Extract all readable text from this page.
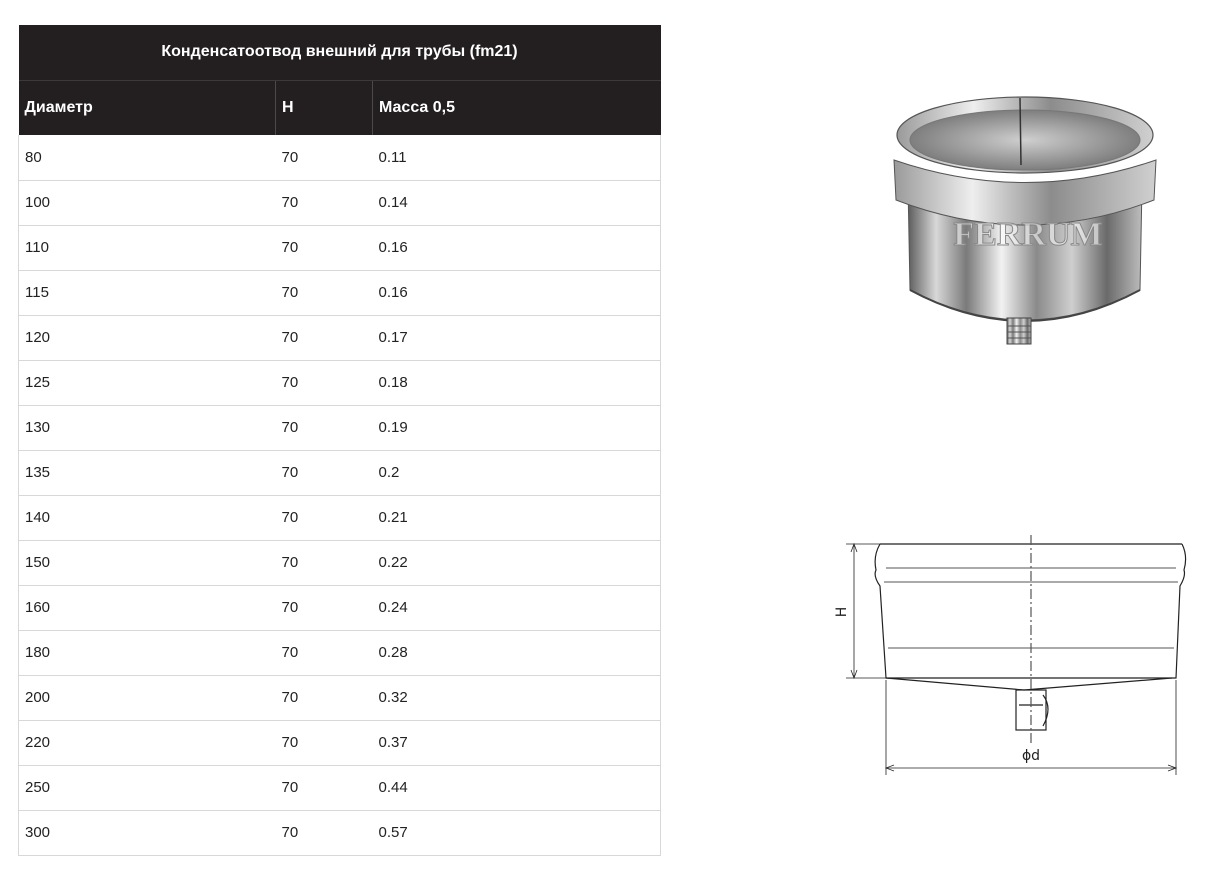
Конденсатоотвод внешний для трубы (fm21)		
Диаметр	H	Масса 0,5
80	70	0.11
100	70	0.14
110	70	0.16
115	70	0.16
120	70	0.17
125	70	0.18
130	70	0.19
135	70	0.2
140	70	0.21
150	70	0.22
160	70	0.24
180	70	0.28
200	70	0.32
220	70	0.37
250	70	0.44
300	70	0.57
FERRUM
H
ϕd
